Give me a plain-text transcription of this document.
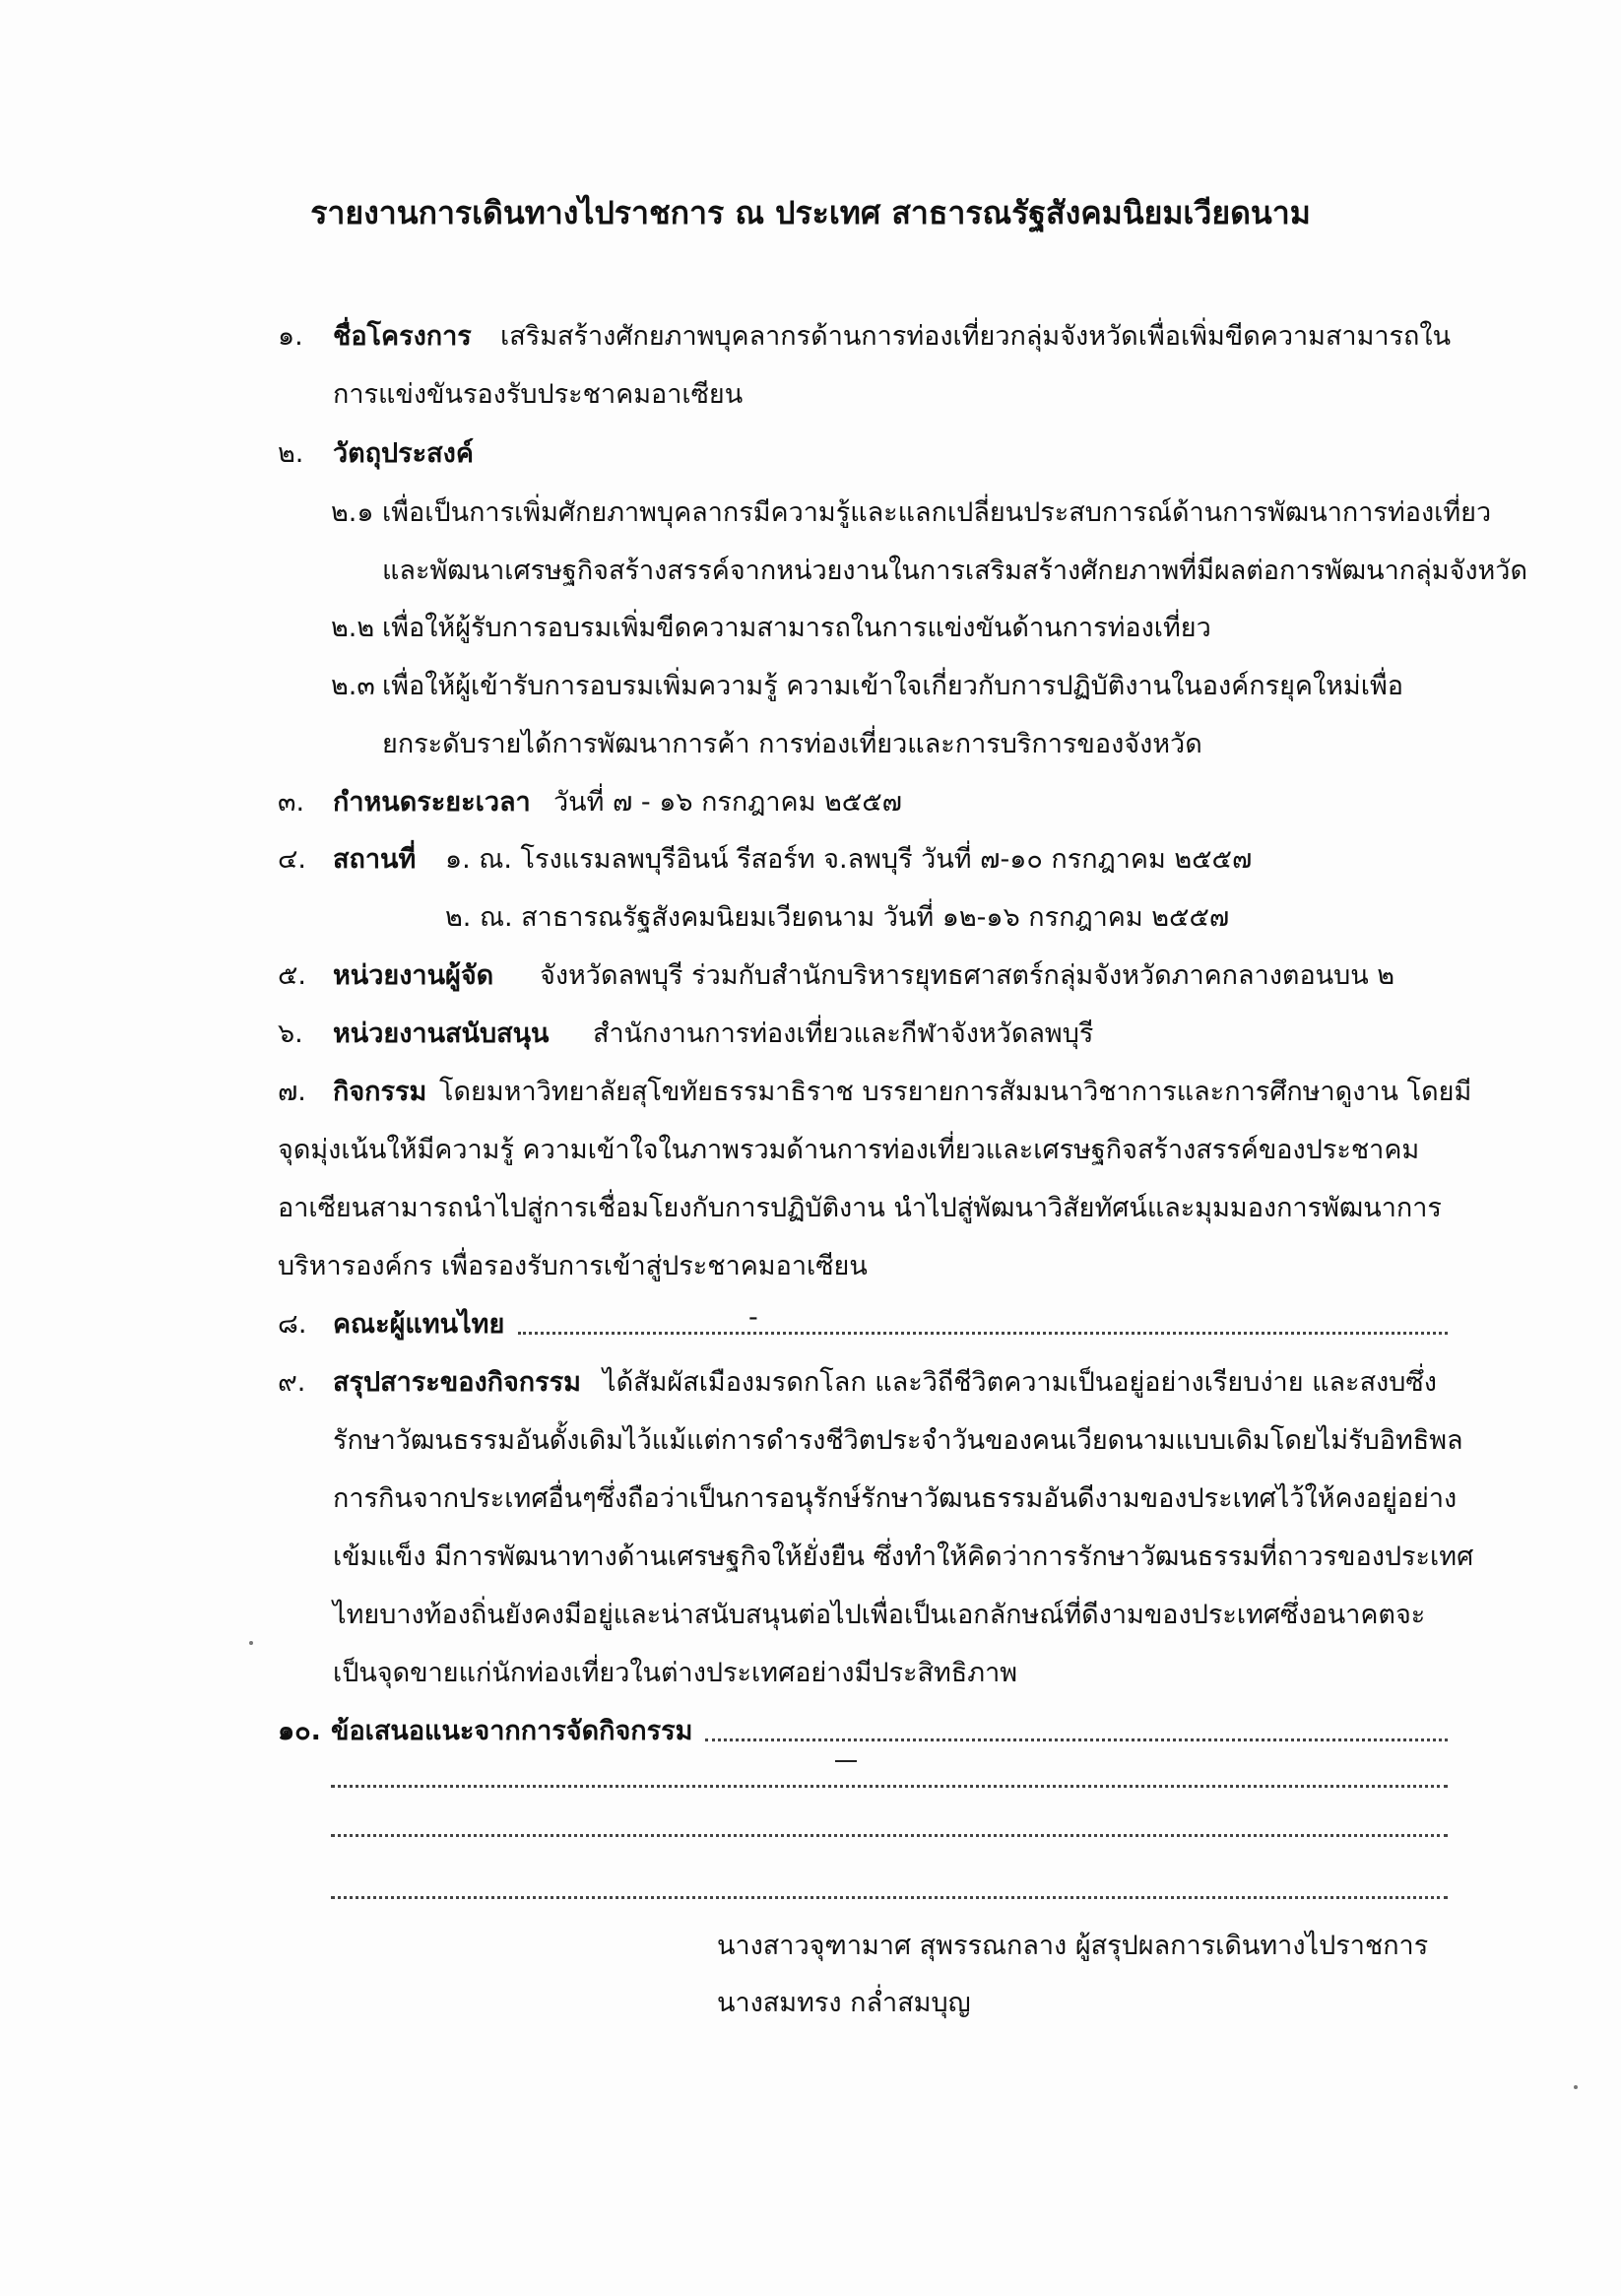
รายงานการเดินทางไปราชการ ณ ประเทศ สาธารณรัฐสังคมนิยมเวียดนาม
๑. ชื่อโครงการ เสริมสร้างศักยภาพบุคลากรด้านการท่องเที่ยวกลุ่มจังหวัดเพื่อเพิ่มขีดความสามารถใน
การแข่งขันรองรับประชาคมอาเซียน
๒. วัตถุประสงค์
๒.๑ เพื่อเป็นการเพิ่มศักยภาพบุคลากรมีความรู้และแลกเปลี่ยนประสบการณ์ด้านการพัฒนาการท่องเที่ยว
และพัฒนาเศรษฐกิจสร้างสรรค์จากหน่วยงานในการเสริมสร้างศักยภาพที่มีผลต่อการพัฒนากลุ่มจังหวัด
๒.๒ เพื่อให้ผู้รับการอบรมเพิ่มขีดความสามารถในการแข่งขันด้านการท่องเที่ยว
๒.๓ เพื่อให้ผู้เข้ารับการอบรมเพิ่มความรู้ ความเข้าใจเกี่ยวกับการปฏิบัติงานในองค์กรยุคใหม่เพื่อ
ยกระดับรายได้การพัฒนาการค้า การท่องเที่ยวและการบริการของจังหวัด
๓. กำหนดระยะเวลา วันที่ ๗ - ๑๖ กรกฎาคม ๒๕๕๗
๔. สถานที่ ๑. ณ. โรงแรมลพบุรีอินน์ รีสอร์ท จ.ลพบุรี วันที่ ๗-๑๐ กรกฎาคม ๒๕๕๗
๒. ณ. สาธารณรัฐสังคมนิยมเวียดนาม วันที่ ๑๒-๑๖ กรกฎาคม ๒๕๕๗
๕. หน่วยงานผู้จัด จังหวัดลพบุรี ร่วมกับสำนักบริหารยุทธศาสตร์กลุ่มจังหวัดภาคกลางตอนบน ๒
๖. หน่วยงานสนับสนุน สำนักงานการท่องเที่ยวและกีฬาจังหวัดลพบุรี
๗. กิจกรรม โดยมหาวิทยาลัยสุโขทัยธรรมาธิราช บรรยายการสัมมนาวิชาการและการศึกษาดูงาน โดยมี
จุดมุ่งเน้นให้มีความรู้ ความเข้าใจในภาพรวมด้านการท่องเที่ยวและเศรษฐกิจสร้างสรรค์ของประชาคม
อาเซียนสามารถนำไปสู่การเชื่อมโยงกับการปฏิบัติงาน นำไปสู่พัฒนาวิสัยทัศน์และมุมมองการพัฒนาการ
บริหารองค์กร เพื่อรองรับการเข้าสู่ประชาคมอาเซียน
๘. คณะผู้แทนไทย	-
๙. สรุปสาระของกิจกรรม ได้สัมผัสเมืองมรดกโลก และวิถีชีวิตความเป็นอยู่อย่างเรียบง่าย และสงบซึ่ง
รักษาวัฒนธรรมอันดั้งเดิมไว้แม้แต่การดำรงชีวิตประจำวันของคนเวียดนามแบบเดิมโดยไม่รับอิทธิพล
การกินจากประเทศอื่นๆซึ่งถือว่าเป็นการอนุรักษ์รักษาวัฒนธรรมอันดีงามของประเทศไว้ให้คงอยู่อย่าง
เข้มแข็ง มีการพัฒนาทางด้านเศรษฐกิจให้ยั่งยืน ซึ่งทำให้คิดว่าการรักษาวัฒนธรรมที่ถาวรของประเทศ
ไทยบางท้องถิ่นยังคงมีอยู่และน่าสนับสนุนต่อไปเพื่อเป็นเอกลักษณ์ที่ดีงามของประเทศซึ่งอนาคตจะ
เป็นจุดขายแก่นักท่องเที่ยวในต่างประเทศอย่างมีประสิทธิภาพ
๑๐. ข้อเสนอแนะจากการจัดกิจกรรม
นางสาวจุฑามาศ สุพรรณกลาง ผู้สรุปผลการเดินทางไปราชการ
นางสมทรง กล่ำสมบุญ
